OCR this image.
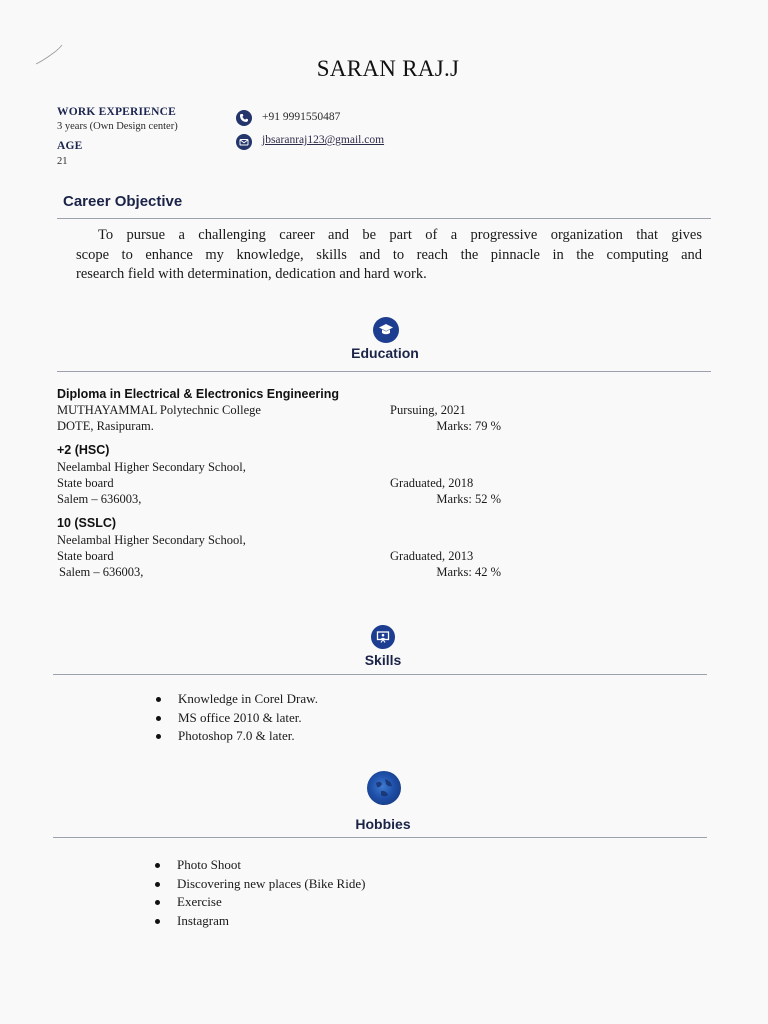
SARAN RAJ.J
WORK EXPERIENCE
3 years (Own Design center)
AGE
21
+91 9991550487
jbsaranraj123@gmail.com
Career Objective
To pursue a challenging career and be part of a progressive organization that gives
scope to enhance my knowledge, skills and to reach the pinnacle in the computing and
research field with determination, dedication and hard work.
Education
Diploma in Electrical & Electronics Engineering
MUTHAYAMMAL Polytechnic College
DOTE, Rasipuram.
Pursuing, 2021
Marks: 79 %
+2 (HSC)
Neelambal Higher Secondary School,
State board
Salem – 636003,
Graduated, 2018
Marks: 52 %
10 (SSLC)
Neelambal Higher Secondary School,
State board
Salem – 636003,
Graduated, 2013
Marks: 42 %
Skills
Knowledge in Corel Draw.
MS office 2010 & later.
Photoshop 7.0 & later.
Hobbies
Photo Shoot
Discovering new places (Bike Ride)
Exercise
Instagram
